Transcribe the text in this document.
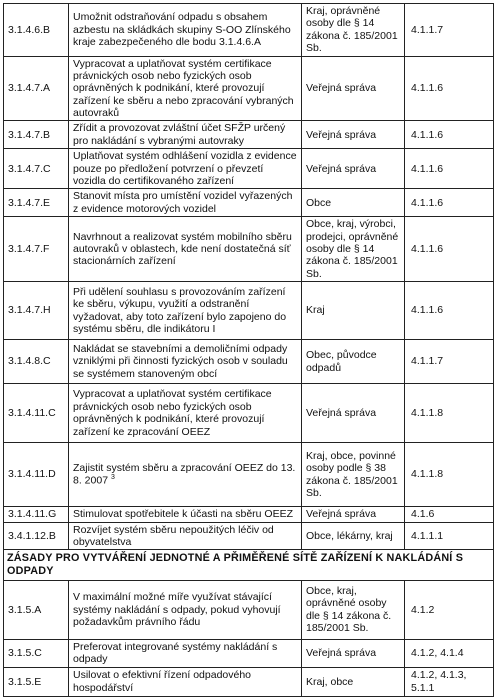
3.1.4.6.B	Umožnit odstraňování odpadu s obsahem azbestu na skládkách skupiny S-OO Zlínského kraje zabezpečeného dle bodu 3.1.4.6.A	Kraj, oprávněné osoby dle § 14 zákona č. 185/2001 Sb.	4.1.1.7
3.1.4.7.A	Vypracovat a uplatňovat systém certifikace právnických osob nebo fyzických osob oprávněných k podnikání, které provozují zařízení ke sběru a nebo zpracování vybraných autovraků	Veřejná správa	4.1.1.6
3.1.4.7.B	Zřídit a provozovat zvláštní účet SFŽP určený pro nakládání s vybranými autovraky	Veřejná správa	4.1.1.6
3.1.4.7.C	Uplatňovat systém odhlášení vozidla z evidence pouze po předložení potvrzení o převzetí vozidla do certifikovaného zařízení	Veřejná správa	4.1.1.6
3.1.4.7.E	Stanovit místa pro umístění vozidel vyřazených z evidence motorových vozidel	Obce	4.1.1.6
3.1.4.7.F	Navrhnout a realizovat systém mobilního sběru autovraků v oblastech, kde není dostatečná síť stacionárních zařízení	Obce, kraj, výrobci, prodejci, oprávněné osoby dle § 14 zákona č. 185/2001 Sb.	4.1.1.6
3.1.4.7.H	Při udělení souhlasu s provozováním zařízení ke sběru, výkupu, využití a odstranění vyžadovat, aby toto zařízení bylo zapojeno do systému sběru, dle indikátoru I	Kraj	4.1.1.6
3.1.4.8.C	Nakládat se stavebními a demoličními odpady vzniklými při činnosti fyzických osob v souladu se systémem stanoveným obcí	Obec, původce odpadů	4.1.1.7
3.1.4.11.C	Vypracovat a uplatňovat systém certifikace právnických osob nebo fyzických osob oprávněných k podnikání, které provozují zařízení ke zpracování OEEZ	Veřejná správa	4.1.1.8
3.1.4.11.D	Zajistit systém sběru a zpracování OEEZ do 13. 8. 2007 $^3$	Kraj, obce, povinné osoby podle § 38 zákona č. 185/2001 Sb.	4.1.1.8
3.1.4.11.G	Stimulovat spotřebitele k účasti na sběru OEEZ	Veřejná správa	4.1.6
3.4.1.12.B	Rozvíjet systém sběru nepoužitých léčiv od obyvatelstva	Obce, lékárny, kraj	4.1.1.1
ZÁSADY PRO VYTVÁŘENÍ JEDNOTNÉ A PŘIMĚŘENÉ SÍTĚ ZAŘÍZENÍ K NAKLÁDÁNÍ S ODPADY			
3.1.5.A	V maximální možné míře využívat stávající systémy nakládání s odpady, pokud vyhovují požadavkům právního řádu	Obce, kraj, oprávněné osoby dle § 14 zákona č. 185/2001 Sb.	4.1.2
3.1.5.C	Preferovat integrované systémy nakládání s odpady	Veřejná správa	4.1.2, 4.1.4
3.1.5.E	Usilovat o efektivní řízení odpadového hospodářství	Kraj, obce	4.1.2, 4.1.3, 5.1.1
